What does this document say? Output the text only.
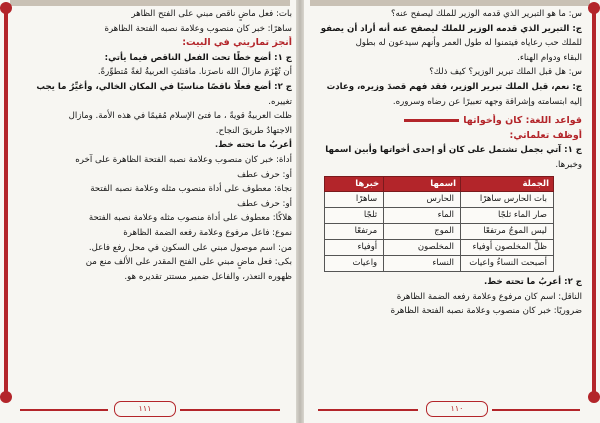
بات: فعل ماضٍ ناقص مبني على الفتح الظاهر
ساهرًا: خبر كان منصوب وعلامة نصبه الفتحة الظاهرة
أنجز تماريني في البيت:
ج ١: أضع خطًا تحت الفعل الناقص فيما يأتي:
أن تُهْزَمَ مازالَ الله ناصرَنا. مافتئتِ العربيةُ لغةً مُتطوِّرةً.
ج ٢: أضع فعلًا ناقصًا مناسبًا في المكان الخالي، وأغيِّرُ ما يجب
تغييره.
ظلت العربيةُ قويةً ، ما فتئ الإسلام مُقيمًا في هذه الأمة. ومازال
الاجتهادُ طريقَ النجاح.
أعربُ ما تحته خط.
أداة: خبر كان منصوب وعلامة نصبه الفتحة الظاهرة على آخره
أو: حرف عطف
نجاة: معطوف على أداة منصوب مثله وعلامة نصبه الفتحة
أو: حرف عطف
هلاكًا: معطوف على أداة منصوب مثله وعلامة نصبه الفتحة
نموع: فاعل مرفوع وعلامة رفعه الضمة الظاهرة
من: اسم موصول مبني على السكون في محل رفع فاعل.
بكى: فعل ماضٍ مبني على الفتح المقدر على الألف منع من
ظهوره التعذر، والفاعل ضمير مستتر تقديره هو.
١١١
س: ما هو التبرير الذي قدمه الوزير للملك ليصفح عنه؟
ج: التبرير الذي قدمه الوزير للملك ليصفح عنه أنه أراد أن يصفو
للملك حب رعاياه فيتمنوا له طول العمر وأنهم سيدعون له بطول
البقاء ودوام الهناء.
س: هل قبل الملك تبرير الوزير؟ كيف ذلك؟
ج: نعم، قبل الملك تبرير الوزير، فقد فهم قصدَ وزيره، وعادت
إليه ابتسامته وإشراقة وجهه تعبيرًا عن رضاه وسروره.
قواعد اللغة: كان وأخواتها
أوظف تعلماتي:
ج ١: آتي بجمل تشتمل على كان أو إحدى أخواتها وأبين اسمها
وخبرها.
الجملة	اسمها	خبرها
بات الحارس ساهرًا	الحارس	ساهرًا
صار الماء ثلجًا	الماء	ثلجًا
ليس الموجُ مرتفعًا	الموج	مرتفعًا
ظلَّ المخلصون أوفياء	المخلصون	أوفياء
أصبحت النساءُ واعيات	النساء	واعيات
ج ٢: أعربُ ما تحته خط.
الناقل: اسم كان مرفوع وعلامة رفعه الضمة الظاهرة
ضروريًا: خبر كان منصوب وعلامة نصبه الفتحة الظاهرة
١١٠
